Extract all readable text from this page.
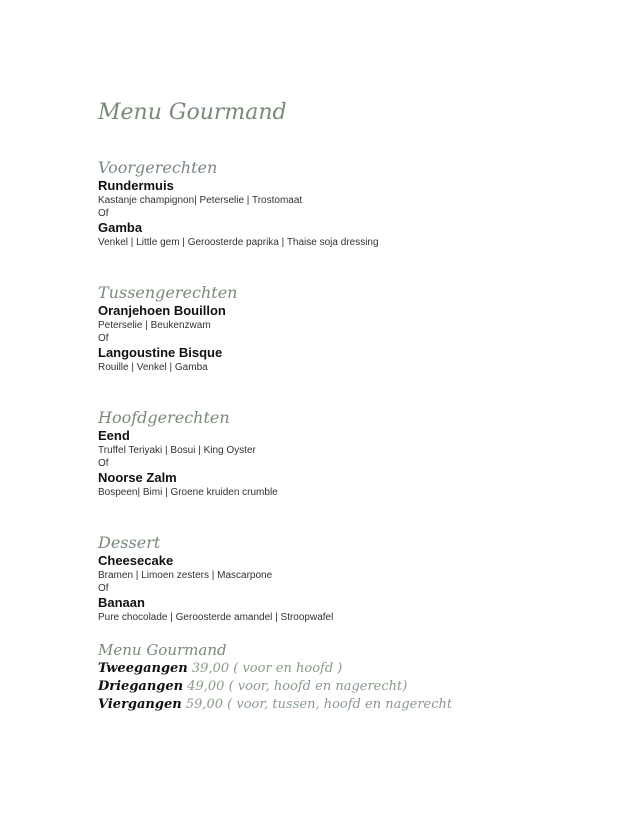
Menu Gourmand
Voorgerechten
Rundermuis
Kastanje champignon| Peterselie | Trostomaat
Of
Gamba
Venkel | Little gem | Geroosterde paprika | Thaise soja dressing
Tussengerechten
Oranjehoen Bouillon
Peterselie | Beukenzwam
Of
Langoustine Bisque
Rouille | Venkel | Gamba
Hoofdgerechten
Eend
Truffel Teriyaki | Bosui | King Oyster
Of
Noorse Zalm
Bospeen| Bimi | Groene kruiden crumble
Dessert
Cheesecake
Bramen | Limoen zesters | Mascarpone
Of
Banaan
Pure chocolade | Geroosterde amandel | Stroopwafel
Menu Gourmand
Tweegangen 39,00 ( voor en hoofd )
Driegangen 49,00 ( voor, hoofd en nagerecht)
Viergangen 59,00 ( voor, tussen, hoofd en nagerecht
